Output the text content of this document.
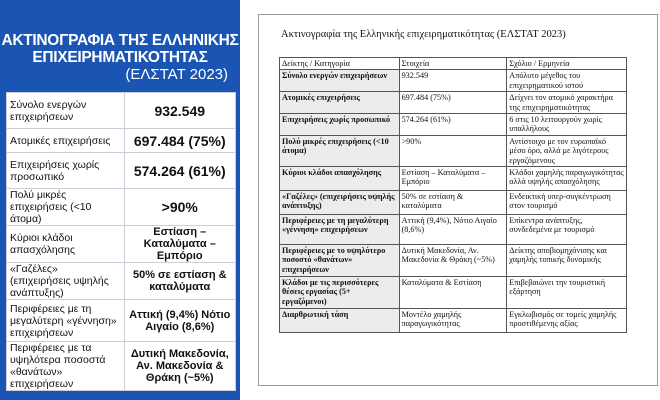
ΑΚΤΙΝΟΓΡΑΦΙΑ ΤΗΣ ΕΛΛΗΝΙΚΗΣ ΕΠΙΧΕΙΡΗΜΑΤΙΚΟΤΗΤΑΣ
(ΕΛΣΤΑΤ 2023)
Σύνολο ενεργών επιχειρήσεων	932.549
Ατομικές επιχειρήσεις	697.484 (75%)
Επιχειρήσεις χωρίς προσωπικό	574.264 (61%)
Πολύ μικρές επιχειρήσεις (<10 άτομα)	>90%
Κύριοι κλάδοι απασχόλησης	Εστίαση – Καταλύματα – Εμπόριο
«Γαζέλες» (επιχειρήσεις υψηλής ανάπτυξης)	50% σε εστίαση & καταλύματα
Περιφέρειες με τη μεγαλύτερη «γέννηση» επιχειρήσεων	Αττική (9,4%) Νότιο Αιγαίο (8,6%)
Περιφέρειες με τα υψηλότερα ποσοστά «θανάτων» επιχειρήσεων	Δυτική Μακεδονία, Αν. Μακεδονία & Θράκη (~5%)
Ακτινογραφία της Ελληνικής επιχειρηματικότητας (ΕΛΣΤΑΤ 2023)
Δείκτης / Κατηγορία	Στοιχεία	Σχόλιο / Ερμηνεία
Σύνολο ενεργών επιχειρήσεων	932.549	Απόλυτο μέγεθος του επιχειρηματικού ιστού
Ατομικές επιχειρήσεις	697.484 (75%)	Δείχνει τον ατομικό χαρακτήρα της επιχειρηματικότητας
Επιχειρήσεις χωρίς προσωπικό	574.264 (61%)	6 στις 10 λειτουργούν χωρίς υπαλλήλους
Πολύ μικρές επιχειρήσεις (<10 άτομα)	>90%	Αντίστοιχο με τον ευρωπαϊκό μέσο όρο, αλλά με λιγότερους εργαζόμενους
Κύριοι κλάδοι απασχόλησης	Εστίαση – Καταλύματα – Εμπόριο	Κλάδοι χαμηλής παραγωγικότητας αλλά υψηλής απασχόλησης
«Γαζέλες» (επιχειρήσεις υψηλής ανάπτυξης)	50% σε εστίαση & καταλύματα	Ενδεικτική υπερ-συγκέντρωση στον τουρισμό
Περιφέρειες με τη μεγαλύτερη «γέννηση» επιχειρήσεων	Αττική (9,4%), Νότιο Αιγαίο (8,6%)	Επίκεντρα ανάπτυξης, συνδεδεμένα με τουρισμό
Περιφέρειες με το υψηλότερο ποσοστό «θανάτων» επιχειρήσεων	Δυτική Μακεδονία, Αν. Μακεδονία & Θράκη (~5%)	Δείκτης αποβιομηχάνισης και χαμηλής τοπικής δυναμικής
Κλάδοι με τις περισσότερες θέσεις εργασίας (5+ εργαζόμενοι)	Καταλύματα & Εστίαση	Επιβεβαιώνει την τουριστική εξάρτηση
Διαρθρωτική τάση	Μοντέλο χαμηλής παραγωγικότητας	Εγκλωβισμός σε τομείς χαμηλής προστιθέμενης αξίας
